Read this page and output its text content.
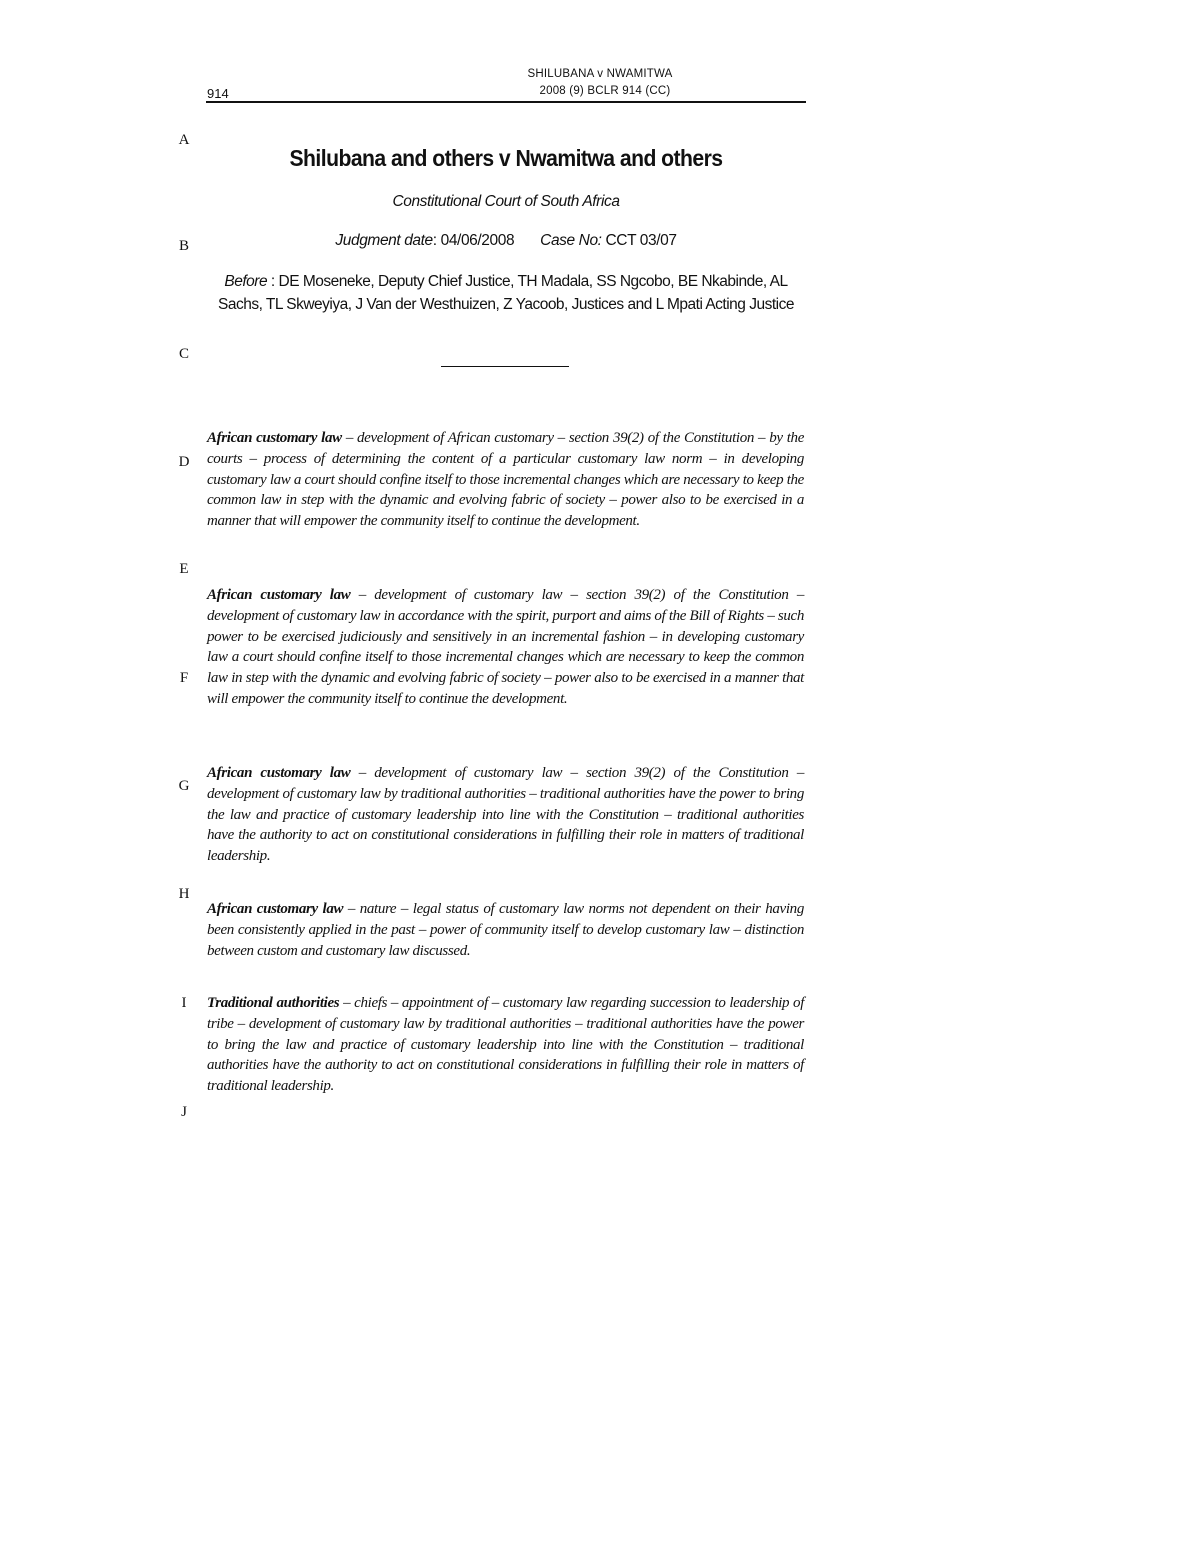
SHILUBANA v NWAMITWA
2008 (9) BCLR 914 (CC)
914
A
B
C
D
E
F
G
H
I
J
Shilubana and others v Nwamitwa and others
Constitutional Court of South Africa
Judgment date: 04/06/2008 Case No: CCT 03/07
Before : DE Moseneke, Deputy Chief Justice, TH Madala, SS Ngcobo, BE Nkabinde, AL Sachs, TL Skweyiya, J Van der Westhuizen, Z Yacoob, Justices and L Mpati Acting Justice

African customary law – development of African customary – section 39(2) of the Constitution – by the courts – process of determining the content of a particular customary law norm – in developing customary law a court should confine itself to those incremental changes which are necessary to keep the common law in step with the dynamic and evolving fabric of society – power also to be exercised in a manner that will empower the community itself to continue the development.

African customary law – development of customary law – section 39(2) of the Constitution – development of customary law in accordance with the spirit, purport and aims of the Bill of Rights – such power to be exercised judiciously and sensitively in an incremental fashion – in developing customary law a court should confine itself to those incremental changes which are necessary to keep the common law in step with the dynamic and evolving fabric of society – power also to be exercised in a manner that will empower the community itself to continue the development.

African customary law – development of customary law – section 39(2) of the Constitution – development of customary law by traditional authorities – traditional authorities have the power to bring the law and practice of customary leadership into line with the Constitution – traditional authorities have the authority to act on constitutional considerations in fulfilling their role in matters of traditional leadership.

African customary law – nature – legal status of customary law norms not dependent on their having been consistently applied in the past – power of community itself to develop customary law – distinction between custom and customary law discussed.

Traditional authorities – chiefs – appointment of – customary law regarding succession to leadership of tribe – development of customary law by traditional authorities – traditional authorities have the power to bring the law and practice of customary leadership into line with the Constitution – traditional authorities have the authority to act on constitutional considerations in fulfilling their role in matters of traditional leadership.
